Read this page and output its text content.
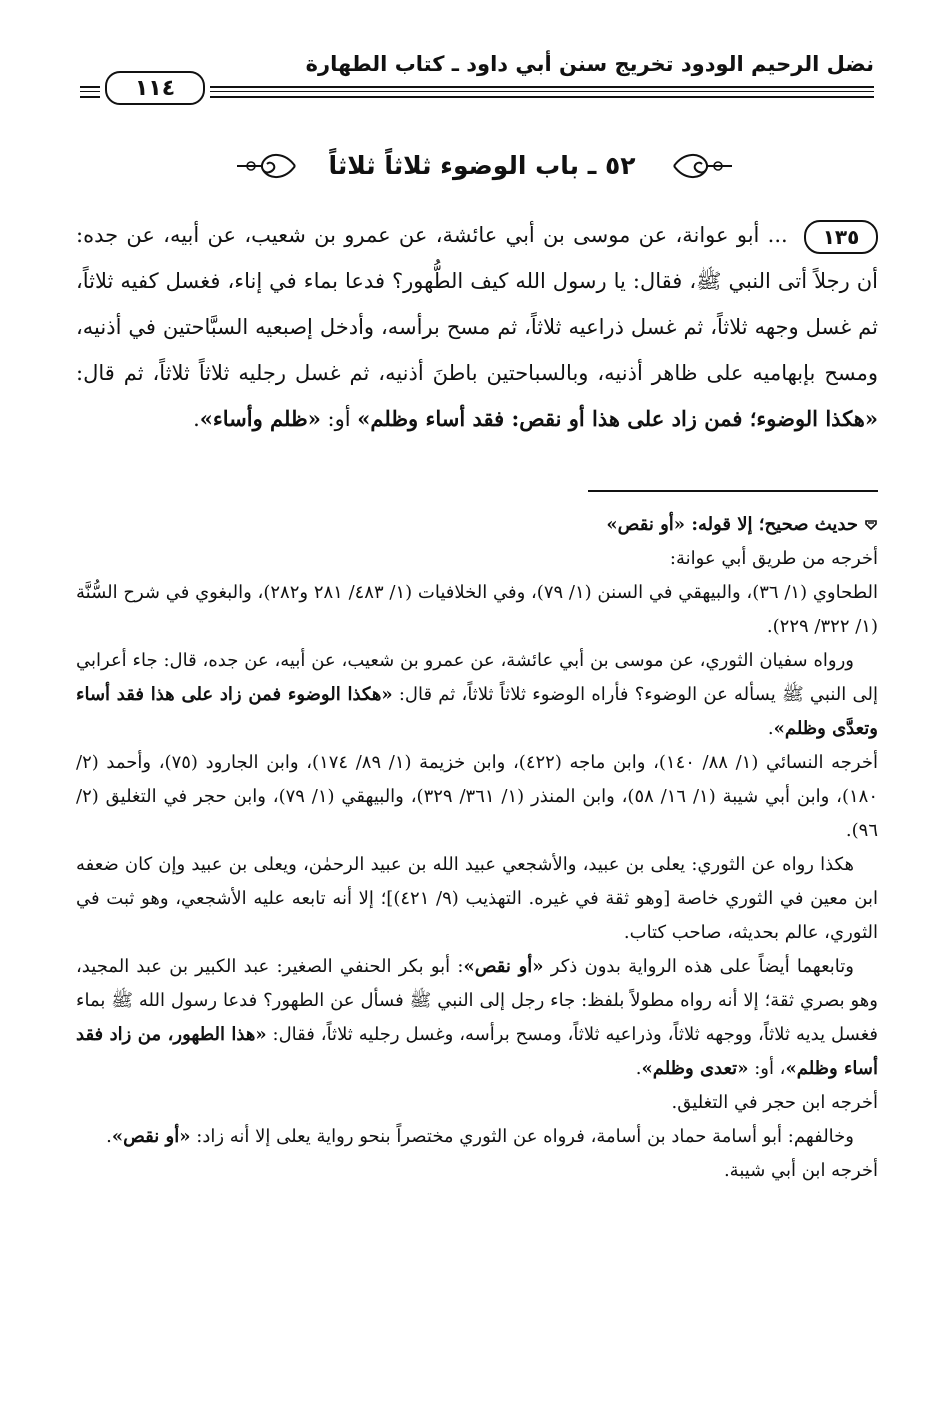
نضل الرحيم الودود تخريج سنن أبي داود ـ كتاب الطهارة
١١٤
٥٢ ـ باب الوضوء ثلاثاً ثلاثاً
١٣٥ ... أبو عوانة، عن موسى بن أبي عائشة، عن عمرو بن شعيب، عن أبيه، عن جده: أن رجلاً أتى النبي ﷺ، فقال: يا رسول الله كيف الطُّهور؟ فدعا بماء في إناء، فغسل كفيه ثلاثاً، ثم غسل وجهه ثلاثاً، ثم غسل ذراعيه ثلاثاً، ثم مسح برأسه، وأدخل إصبعيه السبَّاحتين في أذنيه، ومسح بإبهاميه على ظاهر أذنيه، وبالسباحتين باطنَ أذنيه، ثم غسل رجليه ثلاثاً ثلاثاً، ثم قال: «هكذا الوضوء؛ فمن زاد على هذا أو نقص: فقد أساء وظلم» أو: «ظلم وأساء».

حديث صحيح؛ إلا قوله: «أو نقص»

أخرجه من طريق أبي عوانة:

الطحاوي (١/ ٣٦)، والبيهقي في السنن (١/ ٧٩)، وفي الخلافيات (١/ ٤٨٣/ ٢٨١ و٢٨٢)، والبغوي في شرح السُّنَّة (١/ ٣٢٢/ ٢٢٩).

ورواه سفيان الثوري، عن موسى بن أبي عائشة، عن عمرو بن شعيب، عن أبيه، عن جده، قال: جاء أعرابي إلى النبي ﷺ يسأله عن الوضوء؟ فأراه الوضوء ثلاثاً ثلاثاً، ثم قال: «هكذا الوضوء فمن زاد على هذا فقد أساء وتعدَّى وظلم».

أخرجه النسائي (١/ ٨٨/ ١٤٠)، وابن ماجه (٤٢٢)، وابن خزيمة (١/ ٨٩/ ١٧٤)، وابن الجارود (٧٥)، وأحمد (٢/ ١٨٠)، وابن أبي شيبة (١/ ١٦/ ٥٨)، وابن المنذر (١/ ٣٦١/ ٣٢٩)، والبيهقي (١/ ٧٩)، وابن حجر في التغليق (٢/ ٩٦).

هكذا رواه عن الثوري: يعلى بن عبيد، والأشجعي عبيد الله بن عبيد الرحمٰن، ويعلى بن عبيد وإن كان ضعفه ابن معين في الثوري خاصة [وهو ثقة في غيره. التهذيب (٩/ ٤٢١)]؛ إلا أنه تابعه عليه الأشجعي، وهو ثبت في الثوري، عالم بحديثه، صاحب كتاب.

وتابعهما أيضاً على هذه الرواية بدون ذكر «أو نقص»: أبو بكر الحنفي الصغير: عبد الكبير بن عبد المجيد، وهو بصري ثقة؛ إلا أنه رواه مطولاً بلفظ: جاء رجل إلى النبي ﷺ فسأل عن الطهور؟ فدعا رسول الله ﷺ بماء فغسل يديه ثلاثاً، ووجهه ثلاثاً، وذراعيه ثلاثاً، ومسح برأسه، وغسل رجليه ثلاثاً، فقال: «هذا الطهور، من زاد فقد أساء وظلم»، أو: «تعدى وظلم».

أخرجه ابن حجر في التغليق.

وخالفهم: أبو أسامة حماد بن أسامة، فرواه عن الثوري مختصراً بنحو رواية يعلى إلا أنه زاد: «أو نقص».

أخرجه ابن أبي شيبة.
